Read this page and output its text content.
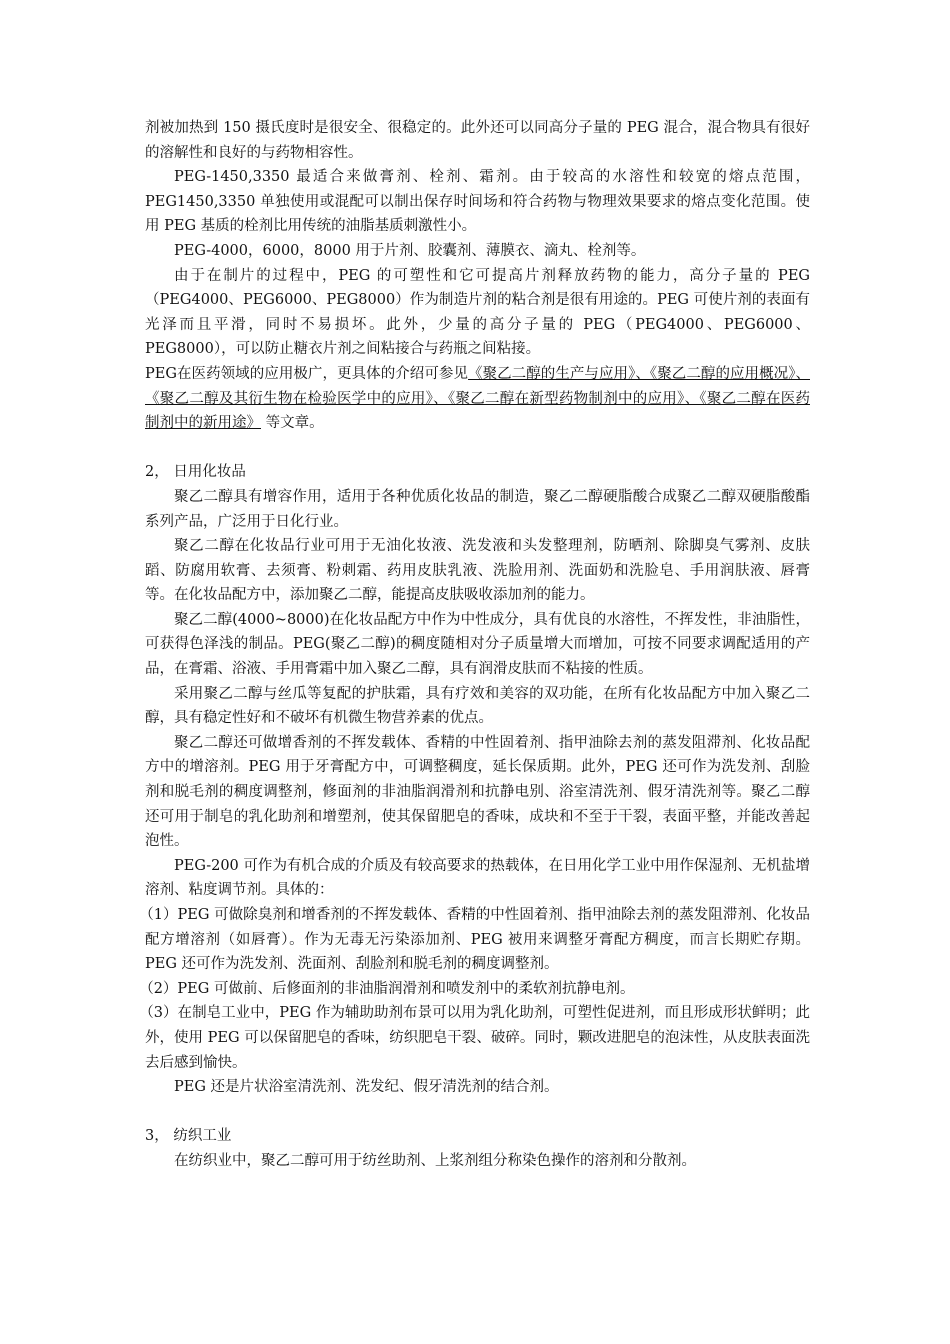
剂被加热到 150 摄氏度时是很安全、很稳定的。此外还可以同高分子量的 PEG 混合，混合物具有很好的溶解性和良好的与药物相容性。

PEG-1450,3350 最适合来做膏剂、栓剂、霜剂。由于较高的水溶性和较宽的熔点范围，PEG1450,3350 单独使用或混配可以制出保存时间场和符合药物与物理效果要求的熔点变化范围。使用 PEG 基质的栓剂比用传统的油脂基质刺激性小。

PEG-4000，6000，8000 用于片剂、胶囊剂、薄膜衣、滴丸、栓剂等。

由于在制片的过程中，PEG 的可塑性和它可提高片剂释放药物的能力，高分子量的 PEG（PEG4000、PEG6000、PEG8000）作为制造片剂的粘合剂是很有用途的。PEG 可使片剂的表面有光泽而且平滑，同时不易损坏。此外，少量的高分子量的 PEG（PEG4000、PEG6000、PEG8000），可以防止糖衣片剂之间粘接合与药瓶之间粘接。

PEG在医药领域的应用极广，更具体的介绍可参见《聚乙二醇的生产与应用》、《聚乙二醇的应用概况》、《聚乙二醇及其衍生物在检验医学中的应用》、《聚乙二醇在新型药物制剂中的应用》、《聚乙二醇在医药制剂中的新用途》 等文章。

2， 日用化妆品

聚乙二醇具有增容作用，适用于各种优质化妆品的制造，聚乙二醇硬脂酸合成聚乙二醇双硬脂酸酯系列产品，广泛用于日化行业。

聚乙二醇在化妆品行业可用于无油化妆液、洗发液和头发整理剂，防晒剂、除脚臭气雾剂、皮肤蹈、防腐用软膏、去须膏、粉刺霜、药用皮肤乳液、洗脸用剂、洗面奶和洗脸皂、手用润肤液、唇膏等。在化妆品配方中，添加聚乙二醇，能提高皮肤吸收添加剂的能力。

聚乙二醇(4000~8000)在化妆品配方中作为中性成分，具有优良的水溶性，不挥发性，非油脂性，可获得色泽浅的制品。PEG(聚乙二醇)的稠度随相对分子质量增大而增加，可按不同要求调配适用的产品，在膏霜、浴液、手用膏霜中加入聚乙二醇，具有润滑皮肤而不粘接的性质。

采用聚乙二醇与丝瓜等复配的护肤霜，具有疗效和美容的双功能，在所有化妆品配方中加入聚乙二醇，具有稳定性好和不破坏有机微生物营养素的优点。

聚乙二醇还可做增香剂的不挥发载体、香精的中性固着剂、指甲油除去剂的蒸发阻滞剂、化妆品配方中的增溶剂。PEG 用于牙膏配方中，可调整稠度，延长保质期。此外，PEG 还可作为洗发剂、刮脸剂和脱毛剂的稠度调整剂，修面剂的非油脂润滑剂和抗静电别、浴室清洗剂、假牙清洗剂等。聚乙二醇还可用于制皂的乳化助剂和增塑剂，使其保留肥皂的香味，成块和不至于干裂，表面平整，并能改善起泡性。

PEG-200 可作为有机合成的介质及有较高要求的热载体，在日用化学工业中用作保湿剂、无机盐增溶剂、粘度调节剂。具体的：

（1）PEG 可做除臭剂和增香剂的不挥发载体、香精的中性固着剂、指甲油除去剂的蒸发阻滞剂、化妆品配方增溶剂（如唇膏）。作为无毒无污染添加剂、PEG 被用来调整牙膏配方稠度，而言长期贮存期。PEG 还可作为洗发剂、洗面剂、刮脸剂和脱毛剂的稠度调整剂。

（2）PEG 可做前、后修面剂的非油脂润滑剂和喷发剂中的柔软剂抗静电剂。

（3）在制皂工业中，PEG 作为辅助助剂布景可以用为乳化助剂，可塑性促进剂，而且形成形状鲜明；此外，使用 PEG 可以保留肥皂的香味，纺织肥皂干裂、破碎。同时，颗改进肥皂的泡沫性，从皮肤表面洗去后感到愉快。

PEG 还是片状浴室清洗剂、洗发纪、假牙清洗剂的结合剂。

3， 纺织工业

在纺织业中，聚乙二醇可用于纺丝助剂、上浆剂组分称染色操作的溶剂和分散剂。
